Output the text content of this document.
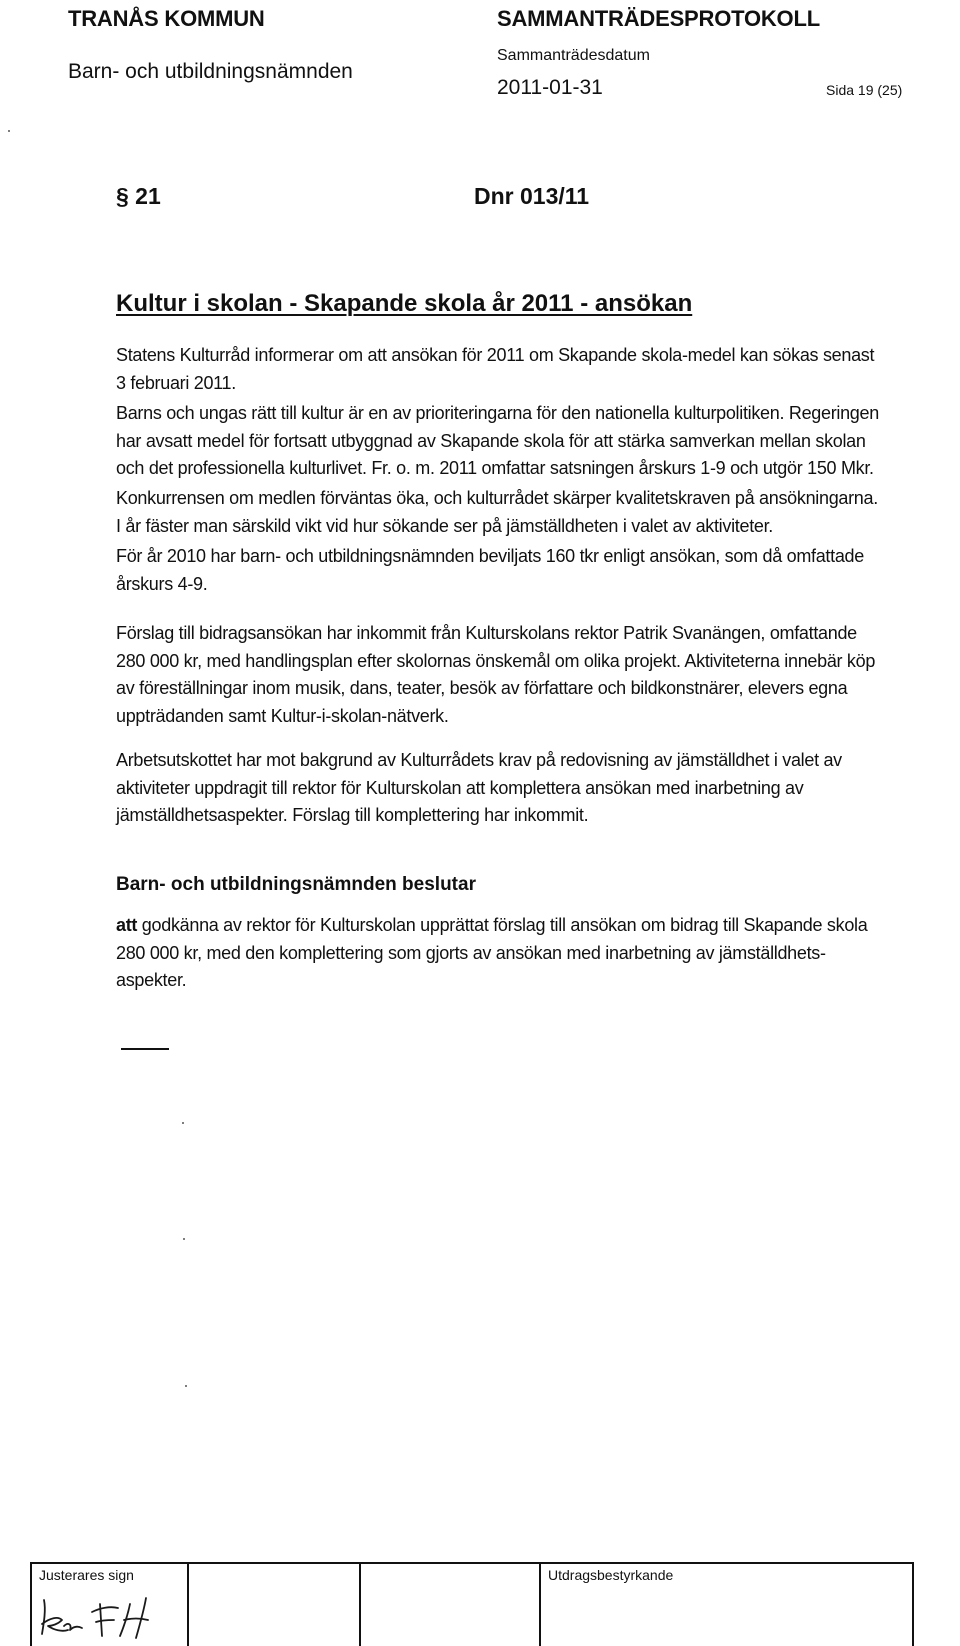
TRANÅS KOMMUN	SAMMANTRÄDESPROTOKOLL
Barn- och utbildningsnämnden
Sammanträdesdatum
2011-01-31	Sida 19 (25)
§ 21	Dnr 013/11
Kultur i skolan - Skapande skola år 2011 - ansökan
Statens Kulturråd informerar om att ansökan för 2011 om Skapande skola-medel kan sökas senast
3 februari 2011.
Barns och ungas rätt till kultur är en av prioriteringarna för den nationella kulturpolitiken. Regeringen
har avsatt medel för fortsatt utbyggnad av Skapande skola för att stärka samverkan mellan skolan
och det professionella kulturlivet. Fr. o. m. 2011 omfattar satsningen årskurs 1-9 och utgör 150 Mkr.
Konkurrensen om medlen förväntas öka, och kulturrådet skärper kvalitetskraven på ansökningarna.
I år fäster man särskild vikt vid hur sökande ser på jämställdheten i valet av aktiviteter.
För år 2010 har barn- och utbildningsnämnden beviljats 160 tkr enligt ansökan, som då omfattade
årskurs 4-9.
Förslag till bidragsansökan har inkommit från Kulturskolans rektor Patrik Svanängen, omfattande
280 000 kr, med handlingsplan efter skolornas önskemål om olika projekt. Aktiviteterna innebär köp
av föreställningar inom musik, dans, teater, besök av författare och bildkonstnärer, elevers egna
uppträdanden samt Kultur-i-skolan-nätverk.
Arbetsutskottet har mot bakgrund av Kulturrådets krav på redovisning av jämställdhet i valet av
aktiviteter uppdragit till rektor för Kulturskolan att komplettera ansökan med inarbetning av
jämställdhetsaspekter. Förslag till komplettering har inkommit.
Barn- och utbildningsnämnden beslutar
att godkänna av rektor för Kulturskolan upprättat förslag till ansökan om bidrag till Skapande skola
280 000 kr, med den komplettering som gjorts av ansökan med inarbetning av jämställdhets-
aspekter.
Justerares sign	Utdragsbestyrkande
